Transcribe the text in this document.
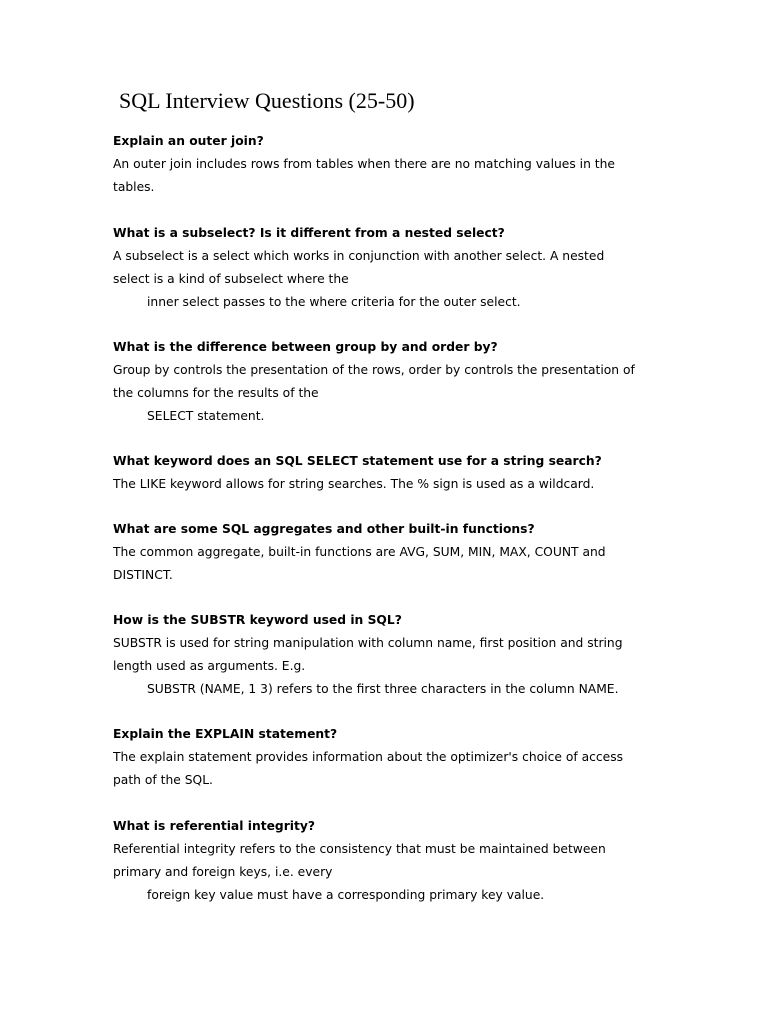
SQL Interview Questions (25-50)

Explain an outer join?

An outer join includes rows from tables when there are no matching values in the

tables.

What is a subselect? Is it different from a nested select?

A subselect is a select which works in conjunction with another select. A nested

select is a kind of subselect where the

inner select passes to the where criteria for the outer select.

What is the difference between group by and order by?

Group by controls the presentation of the rows, order by controls the presentation of

the columns for the results of the

SELECT statement.

What keyword does an SQL SELECT statement use for a string search?

The LIKE keyword allows for string searches. The % sign is used as a wildcard.

What are some SQL aggregates and other built-in functions?

The common aggregate, built-in functions are AVG, SUM, MIN, MAX, COUNT and

DISTINCT.

How is the SUBSTR keyword used in SQL?

SUBSTR is used for string manipulation with column name, first position and string

length used as arguments. E.g.

SUBSTR (NAME, 1 3) refers to the first three characters in the column NAME.

Explain the EXPLAIN statement?

The explain statement provides information about the optimizer's choice of access

path of the SQL.

What is referential integrity?

Referential integrity refers to the consistency that must be maintained between

primary and foreign keys, i.e. every

foreign key value must have a corresponding primary key value.
